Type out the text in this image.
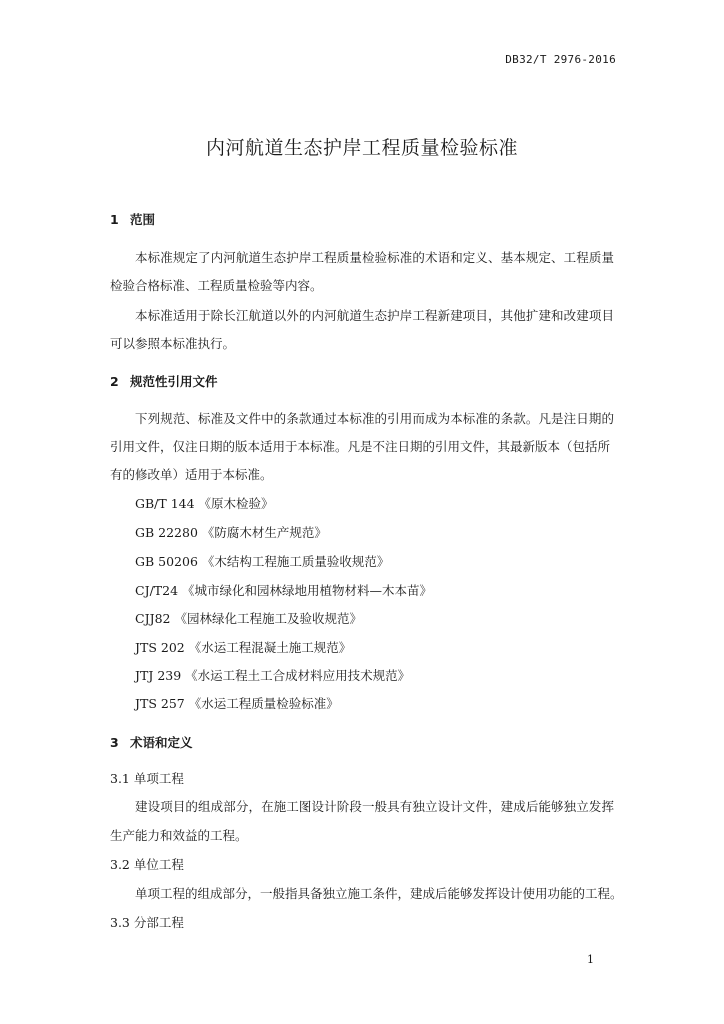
DB32/T 2976-2016
内河航道生态护岸工程质量检验标准
1 范围
本标准规定了内河航道生态护岸工程质量检验标准的术语和定义、基本规定、工程质量
检验合格标准、工程质量检验等内容。
本标准适用于除长江航道以外的内河航道生态护岸工程新建项目，其他扩建和改建项目
可以参照本标准执行。
2 规范性引用文件
下列规范、标准及文件中的条款通过本标准的引用而成为本标准的条款。凡是注日期的
引用文件，仅注日期的版本适用于本标准。凡是不注日期的引用文件，其最新版本（包括所
有的修改单）适用于本标准。
GB/T 144 《原木检验》
GB 22280 《防腐木材生产规范》
GB 50206 《木结构工程施工质量验收规范》
CJ/T24 《城市绿化和园林绿地用植物材料—木本苗》
CJJ82 《园林绿化工程施工及验收规范》
JTS 202 《水运工程混凝土施工规范》
JTJ 239 《水运工程土工合成材料应用技术规范》
JTS 257 《水运工程质量检验标准》
3 术语和定义
3.1 单项工程
建设项目的组成部分，在施工图设计阶段一般具有独立设计文件，建成后能够独立发挥
生产能力和效益的工程。
3.2 单位工程
单项工程的组成部分，一般指具备独立施工条件，建成后能够发挥设计使用功能的工程。
3.3 分部工程
1
